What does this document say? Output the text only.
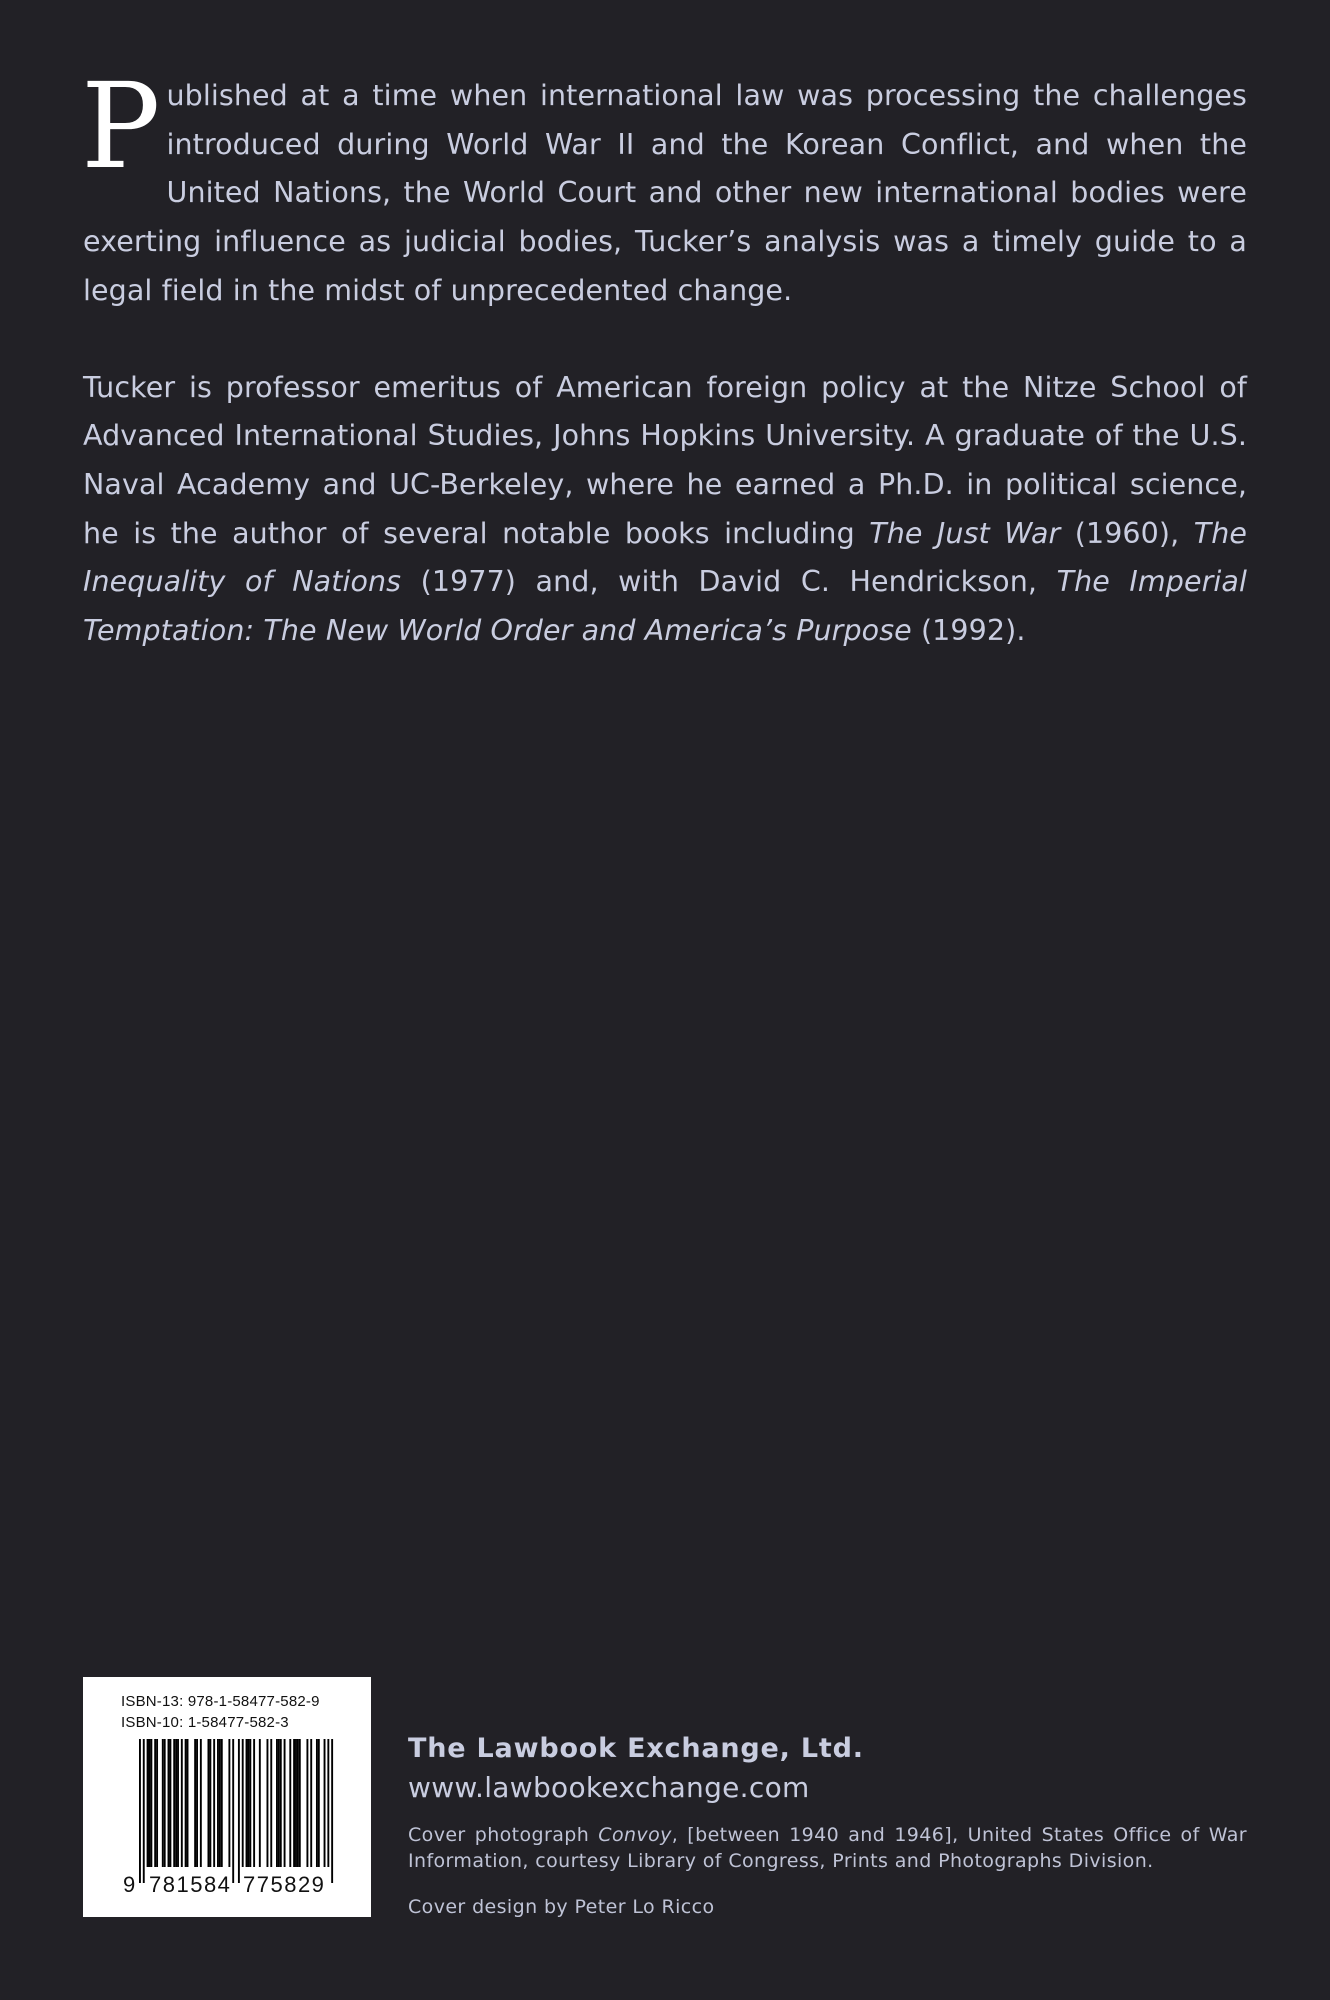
Published at a time when international law was processing the challenges introduced during World War II and the Korean Conflict, and when the United Nations, the World Court and other new international bodies were exerting influence as judicial bodies, Tucker’s analysis was a timely guide to a legal field in the midst of unprecedented change.

Tucker is professor emeritus of American foreign policy at the Nitze School of Advanced International Studies, Johns Hopkins University. A graduate of the U.S. Naval Academy and UC-Berkeley, where he earned a Ph.D. in political science, he is the author of several notable books including The Just War (1960), The Inequality of Nations (1977) and, with David C. Hendrickson, The Imperial Temptation: The New World Order and America’s Purpose (1992).

ISBN-13: 978-1-58477-582-9
ISBN-10: 1-58477-582-3
9 781584 775829
The Lawbook Exchange, Ltd.
www.lawbookexchange.com
Cover photograph Convoy, [between 1940 and 1946], United States Office of War Information, courtesy Library of Congress, Prints and Photographs Division.
Cover design by Peter Lo Ricco
